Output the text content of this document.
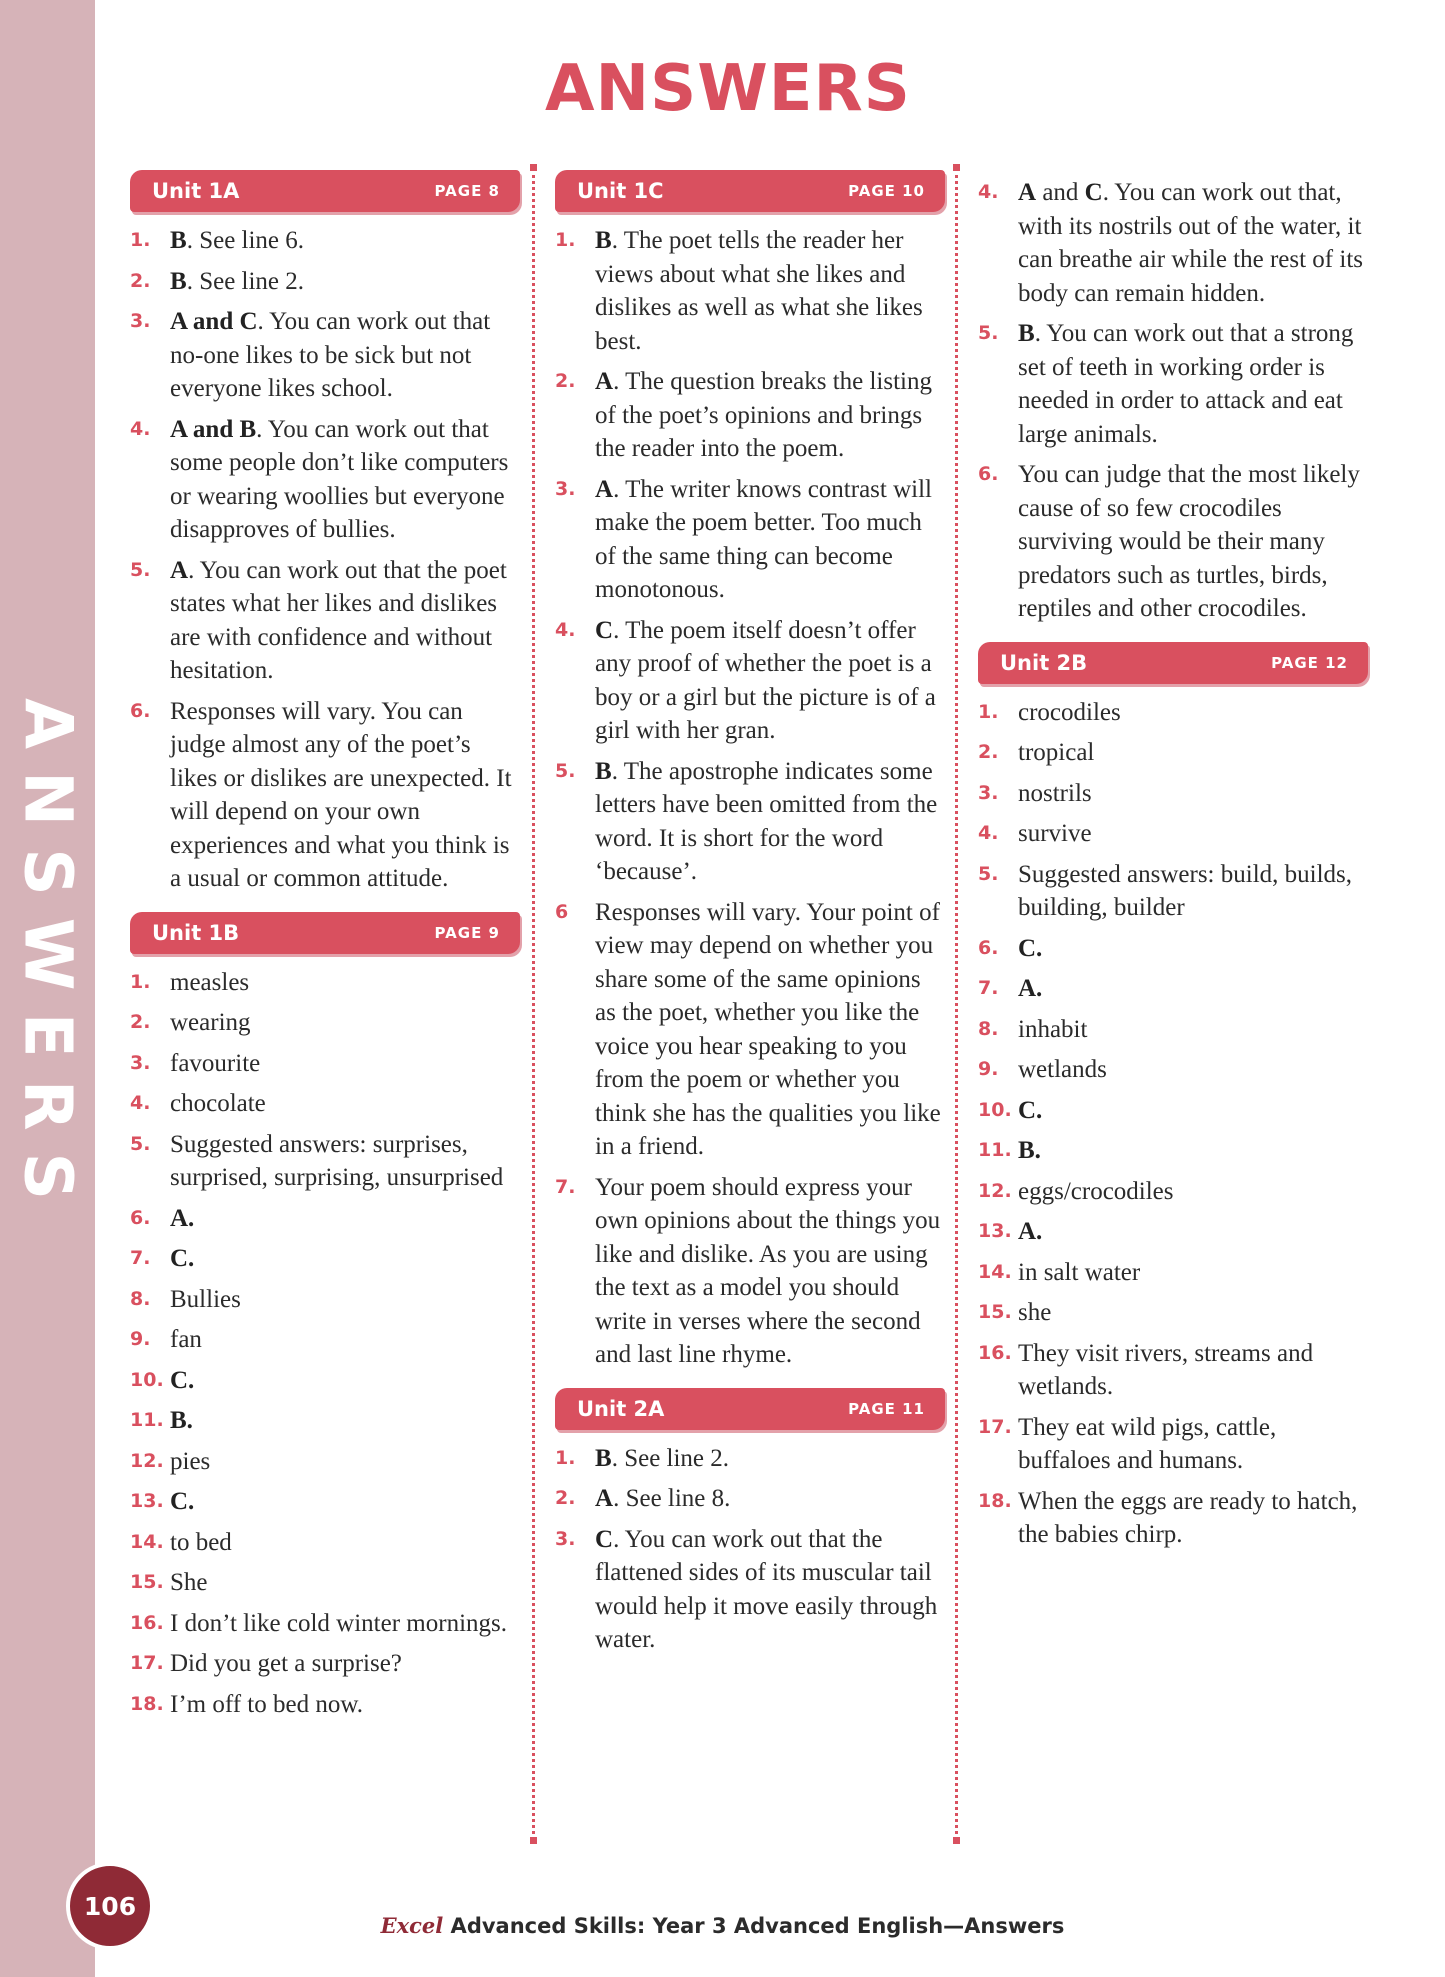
ANSWERS
ANSWERS
Unit 1A	PAGE 8
1. B. See line 6.
2. B. See line 2.
3. A and C. You can work out that no-one likes to be sick but not everyone likes school.
4. A and B. You can work out that some people don’t like computers or wearing woollies but everyone disapproves of bullies.
5. A. You can work out that the poet states what her likes and dislikes are with confidence and without hesitation.
6. Responses will vary. You can judge almost any of the poet’s likes or dislikes are unexpected. It will depend on your own experiences and what you think is a usual or common attitude.
Unit 1B	PAGE 9
1. measles
2. wearing
3. favourite
4. chocolate
5. Suggested answers: surprises, surprised, surprising, unsurprised
6. A.
7. C.
8. Bullies
9. fan
10. C.
11. B.
12. pies
13. C.
14. to bed
15. She
16. I don’t like cold winter mornings.
17. Did you get a surprise?
18. I’m off to bed now.
Unit 1C	PAGE 10
1. B. The poet tells the reader her views about what she likes and dislikes as well as what she likes best.
2. A. The question breaks the listing of the poet’s opinions and brings the reader into the poem.
3. A. The writer knows contrast will make the poem better. Too much of the same thing can become monotonous.
4. C. The poem itself doesn’t offer any proof of whether the poet is a boy or a girl but the picture is of a girl with her gran.
5. B. The apostrophe indicates some letters have been omitted from the word. It is short for the word ‘because’.
6 Responses will vary. Your point of view may depend on whether you share some of the same opinions as the poet, whether you like the voice you hear speaking to you from the poem or whether you think she has the qualities you like in a friend.
7. Your poem should express your own opinions about the things you like and dislike. As you are using the text as a model you should write in verses where the second and last line rhyme.
Unit 2A	PAGE 11
1. B. See line 2.
2. A. See line 8.
3. C. You can work out that the flattened sides of its muscular tail would help it move easily through water.
4. A and C. You can work out that, with its nostrils out of the water, it can breathe air while the rest of its body can remain hidden.
5. B. You can work out that a strong set of teeth in working order is needed in order to attack and eat large animals.
6. You can judge that the most likely cause of so few crocodiles surviving would be their many predators such as turtles, birds, reptiles and other crocodiles.
Unit 2B	PAGE 12
1. crocodiles
2. tropical
3. nostrils
4. survive
5. Suggested answers: build, builds, building, builder
6. C.
7. A.
8. inhabit
9. wetlands
10. C.
11. B.
12. eggs/crocodiles
13. A.
14. in salt water
15. she
16. They visit rivers, streams and wetlands.
17. They eat wild pigs, cattle, buffaloes and humans.
18. When the eggs are ready to hatch, the babies chirp.
106
Excel Advanced Skills: Year 3 Advanced English—Answers
